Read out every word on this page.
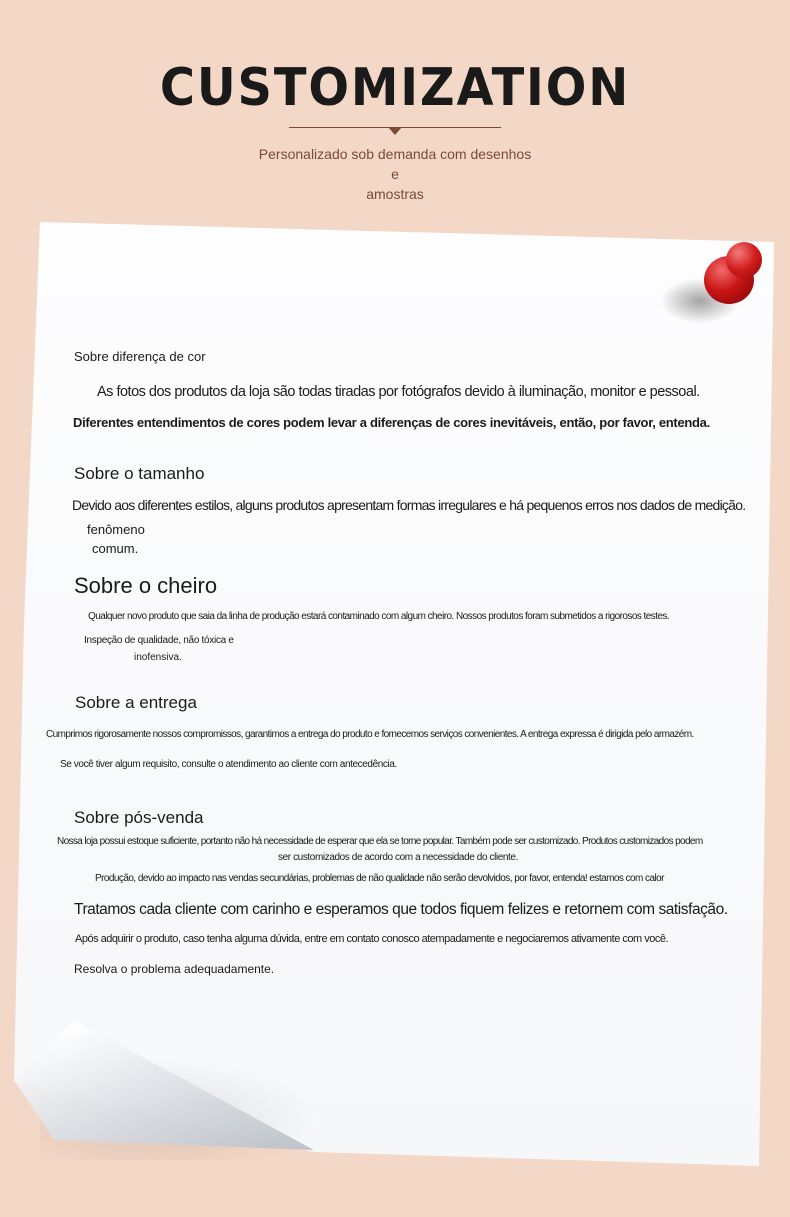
CUSTOMIZATION
Personalizado sob demanda com desenhos e
amostras
Sobre diferença de cor
As fotos dos produtos da loja são todas tiradas por fotógrafos devido à iluminação, monitor e pessoal.
Diferentes entendimentos de cores podem levar a diferenças de cores inevitáveis, então, por favor, entenda.
Sobre o tamanho
Devido aos diferentes estilos, alguns produtos apresentam formas irregulares e há pequenos erros nos dados de medição.
fenômeno
comum.
Sobre o cheiro
Qualquer novo produto que saia da linha de produção estará contaminado com algum cheiro. Nossos produtos foram submetidos a rigorosos testes.
Inspeção de qualidade, não tóxica e
inofensiva.
Sobre a entrega
Cumprimos rigorosamente nossos compromissos, garantimos a entrega do produto e fornecemos serviços convenientes. A entrega expressa é dirigida pelo armazém.
Se você tiver algum requisito, consulte o atendimento ao cliente com antecedência.
Sobre pós-venda
Nossa loja possui estoque suficiente, portanto não há necessidade de esperar que ela se torne popular. Também pode ser customizado. Produtos customizados podem
ser customizados de acordo com a necessidade do cliente.
Produção, devido ao impacto nas vendas secundárias, problemas de não qualidade não serão devolvidos, por favor, entenda! estamos com calor
Tratamos cada cliente com carinho e esperamos que todos fiquem felizes e retornem com satisfação.
Após adquirir o produto, caso tenha alguma dúvida, entre em contato conosco atempadamente e negociaremos ativamente com você.
Resolva o problema adequadamente.
